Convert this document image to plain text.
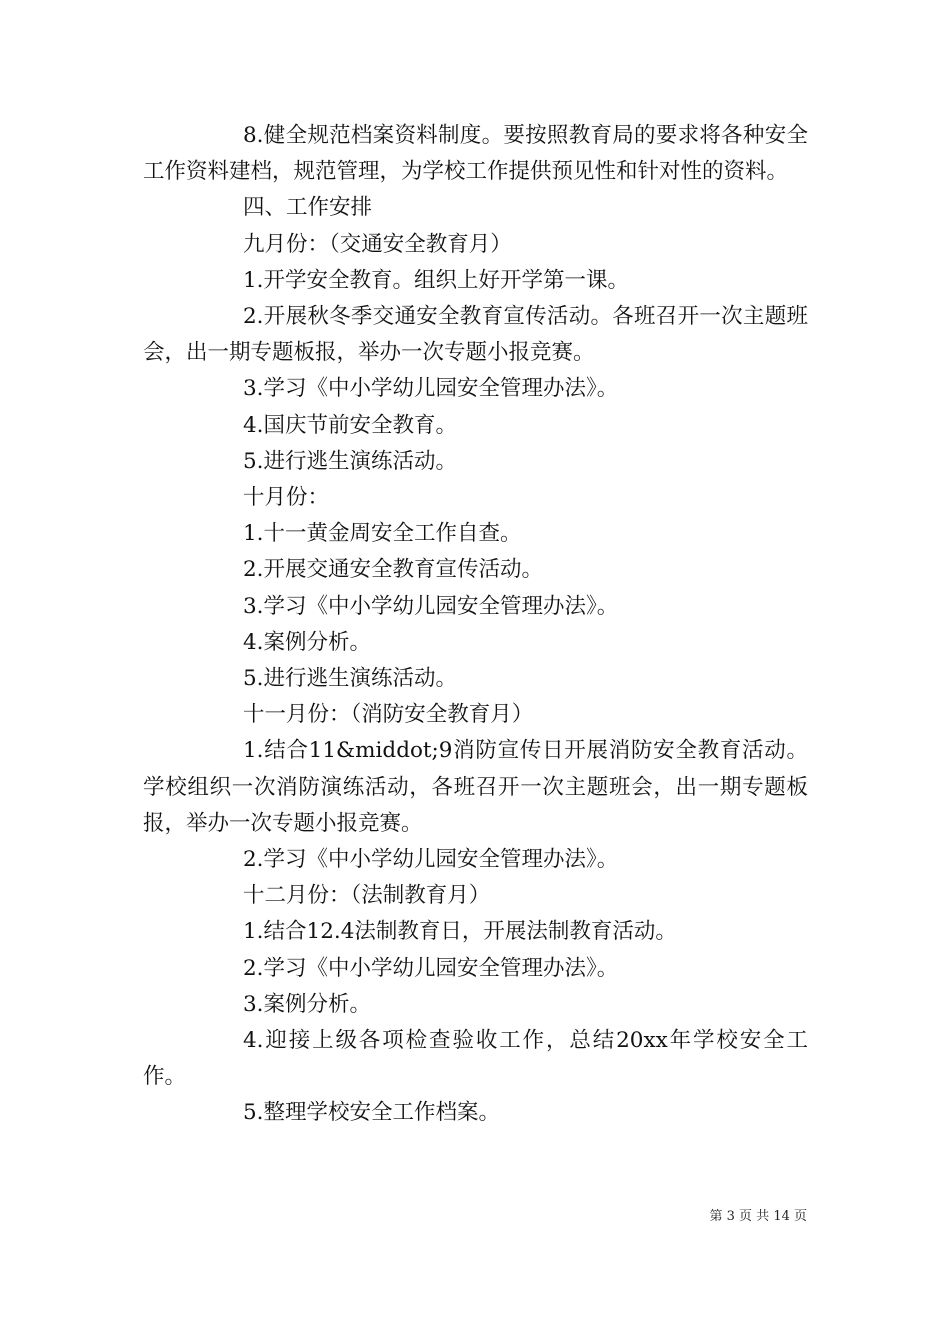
8.健全规范档案资料制度。要按照教育局的要求将各种安全工作资料建档，规范管理，为学校工作提供预见性和针对性的资料。

四、工作安排

九月份：（交通安全教育月）

1.开学安全教育。组织上好开学第一课。

2.开展秋冬季交通安全教育宣传活动。各班召开一次主题班会，出一期专题板报，举办一次专题小报竞赛。

3.学习《中小学幼儿园安全管理办法》。

4.国庆节前安全教育。

5.进行逃生演练活动。

十月份：

1.十一黄金周安全工作自查。

2.开展交通安全教育宣传活动。

3.学习《中小学幼儿园安全管理办法》。

4.案例分析。

5.进行逃生演练活动。

十一月份：（消防安全教育月）

1.结合11&middot;9消防宣传日开展消防安全教育活动。学校组织一次消防演练活动，各班召开一次主题班会，出一期专题板报，举办一次专题小报竞赛。

2.学习《中小学幼儿园安全管理办法》。

十二月份：（法制教育月）

1.结合12.4法制教育日，开展法制教育活动。

2.学习《中小学幼儿园安全管理办法》。

3.案例分析。

4.迎接上级各项检查验收工作，总结20xx年学校安全工作。

5.整理学校安全工作档案。

第 3 页 共 14 页
